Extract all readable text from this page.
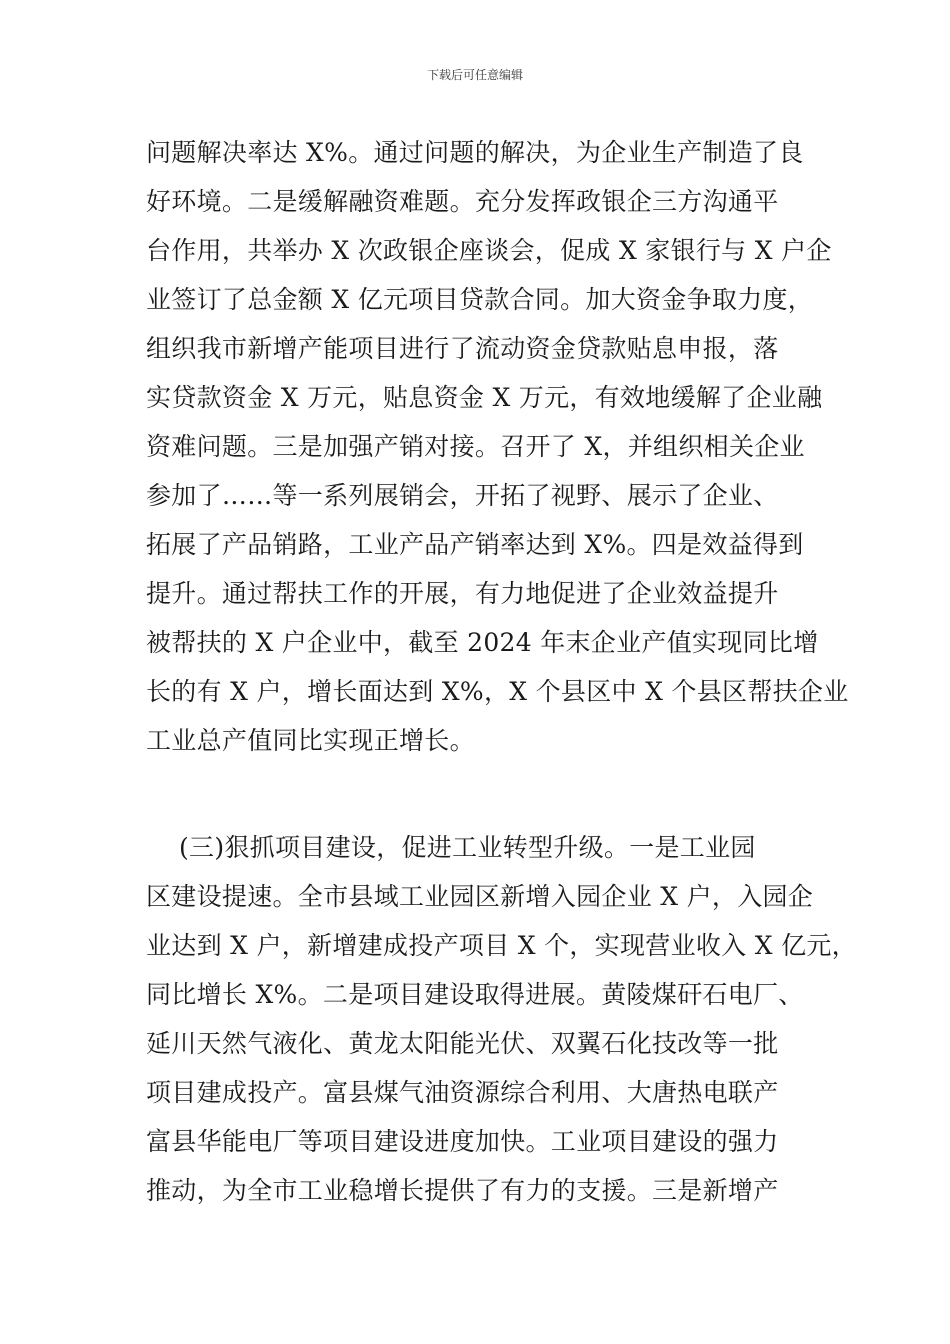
下载后可任意编辑
问题解决率达 X%。通过问题的解决，为企业生产制造了良
好环境。二是缓解融资难题。充分发挥政银企三方沟通平
台作用，共举办 X 次政银企座谈会，促成 X 家银行与 X 户企
业签订了总金额 X 亿元项目贷款合同。加大资金争取力度，
组织我市新增产能项目进行了流动资金贷款贴息申报，落
实贷款资金 X 万元，贴息资金 X 万元，有效地缓解了企业融
资难问题。三是加强产销对接。召开了 X，并组织相关企业
参加了……等一系列展销会，开拓了视野、展示了企业、
拓展了产品销路，工业产品产销率达到 X%。四是效益得到
提升。通过帮扶工作的开展，有力地促进了企业效益提升
被帮扶的 X 户企业中，截至 2024 年末企业产值实现同比增
长的有 X 户，增长面达到 X%，X 个县区中 X 个县区帮扶企业
工业总产值同比实现正增长。
(三)狠抓项目建设，促进工业转型升级。一是工业园
区建设提速。全市县域工业园区新增入园企业 X 户，入园企
业达到 X 户，新增建成投产项目 X 个，实现营业收入 X 亿元，
同比增长 X%。二是项目建设取得进展。黄陵煤矸石电厂、
延川天然气液化、黄龙太阳能光伏、双翼石化技改等一批
项目建成投产。富县煤气油资源综合利用、大唐热电联产
富县华能电厂等项目建设进度加快。工业项目建设的强力
推动，为全市工业稳增长提供了有力的支援。三是新增产
